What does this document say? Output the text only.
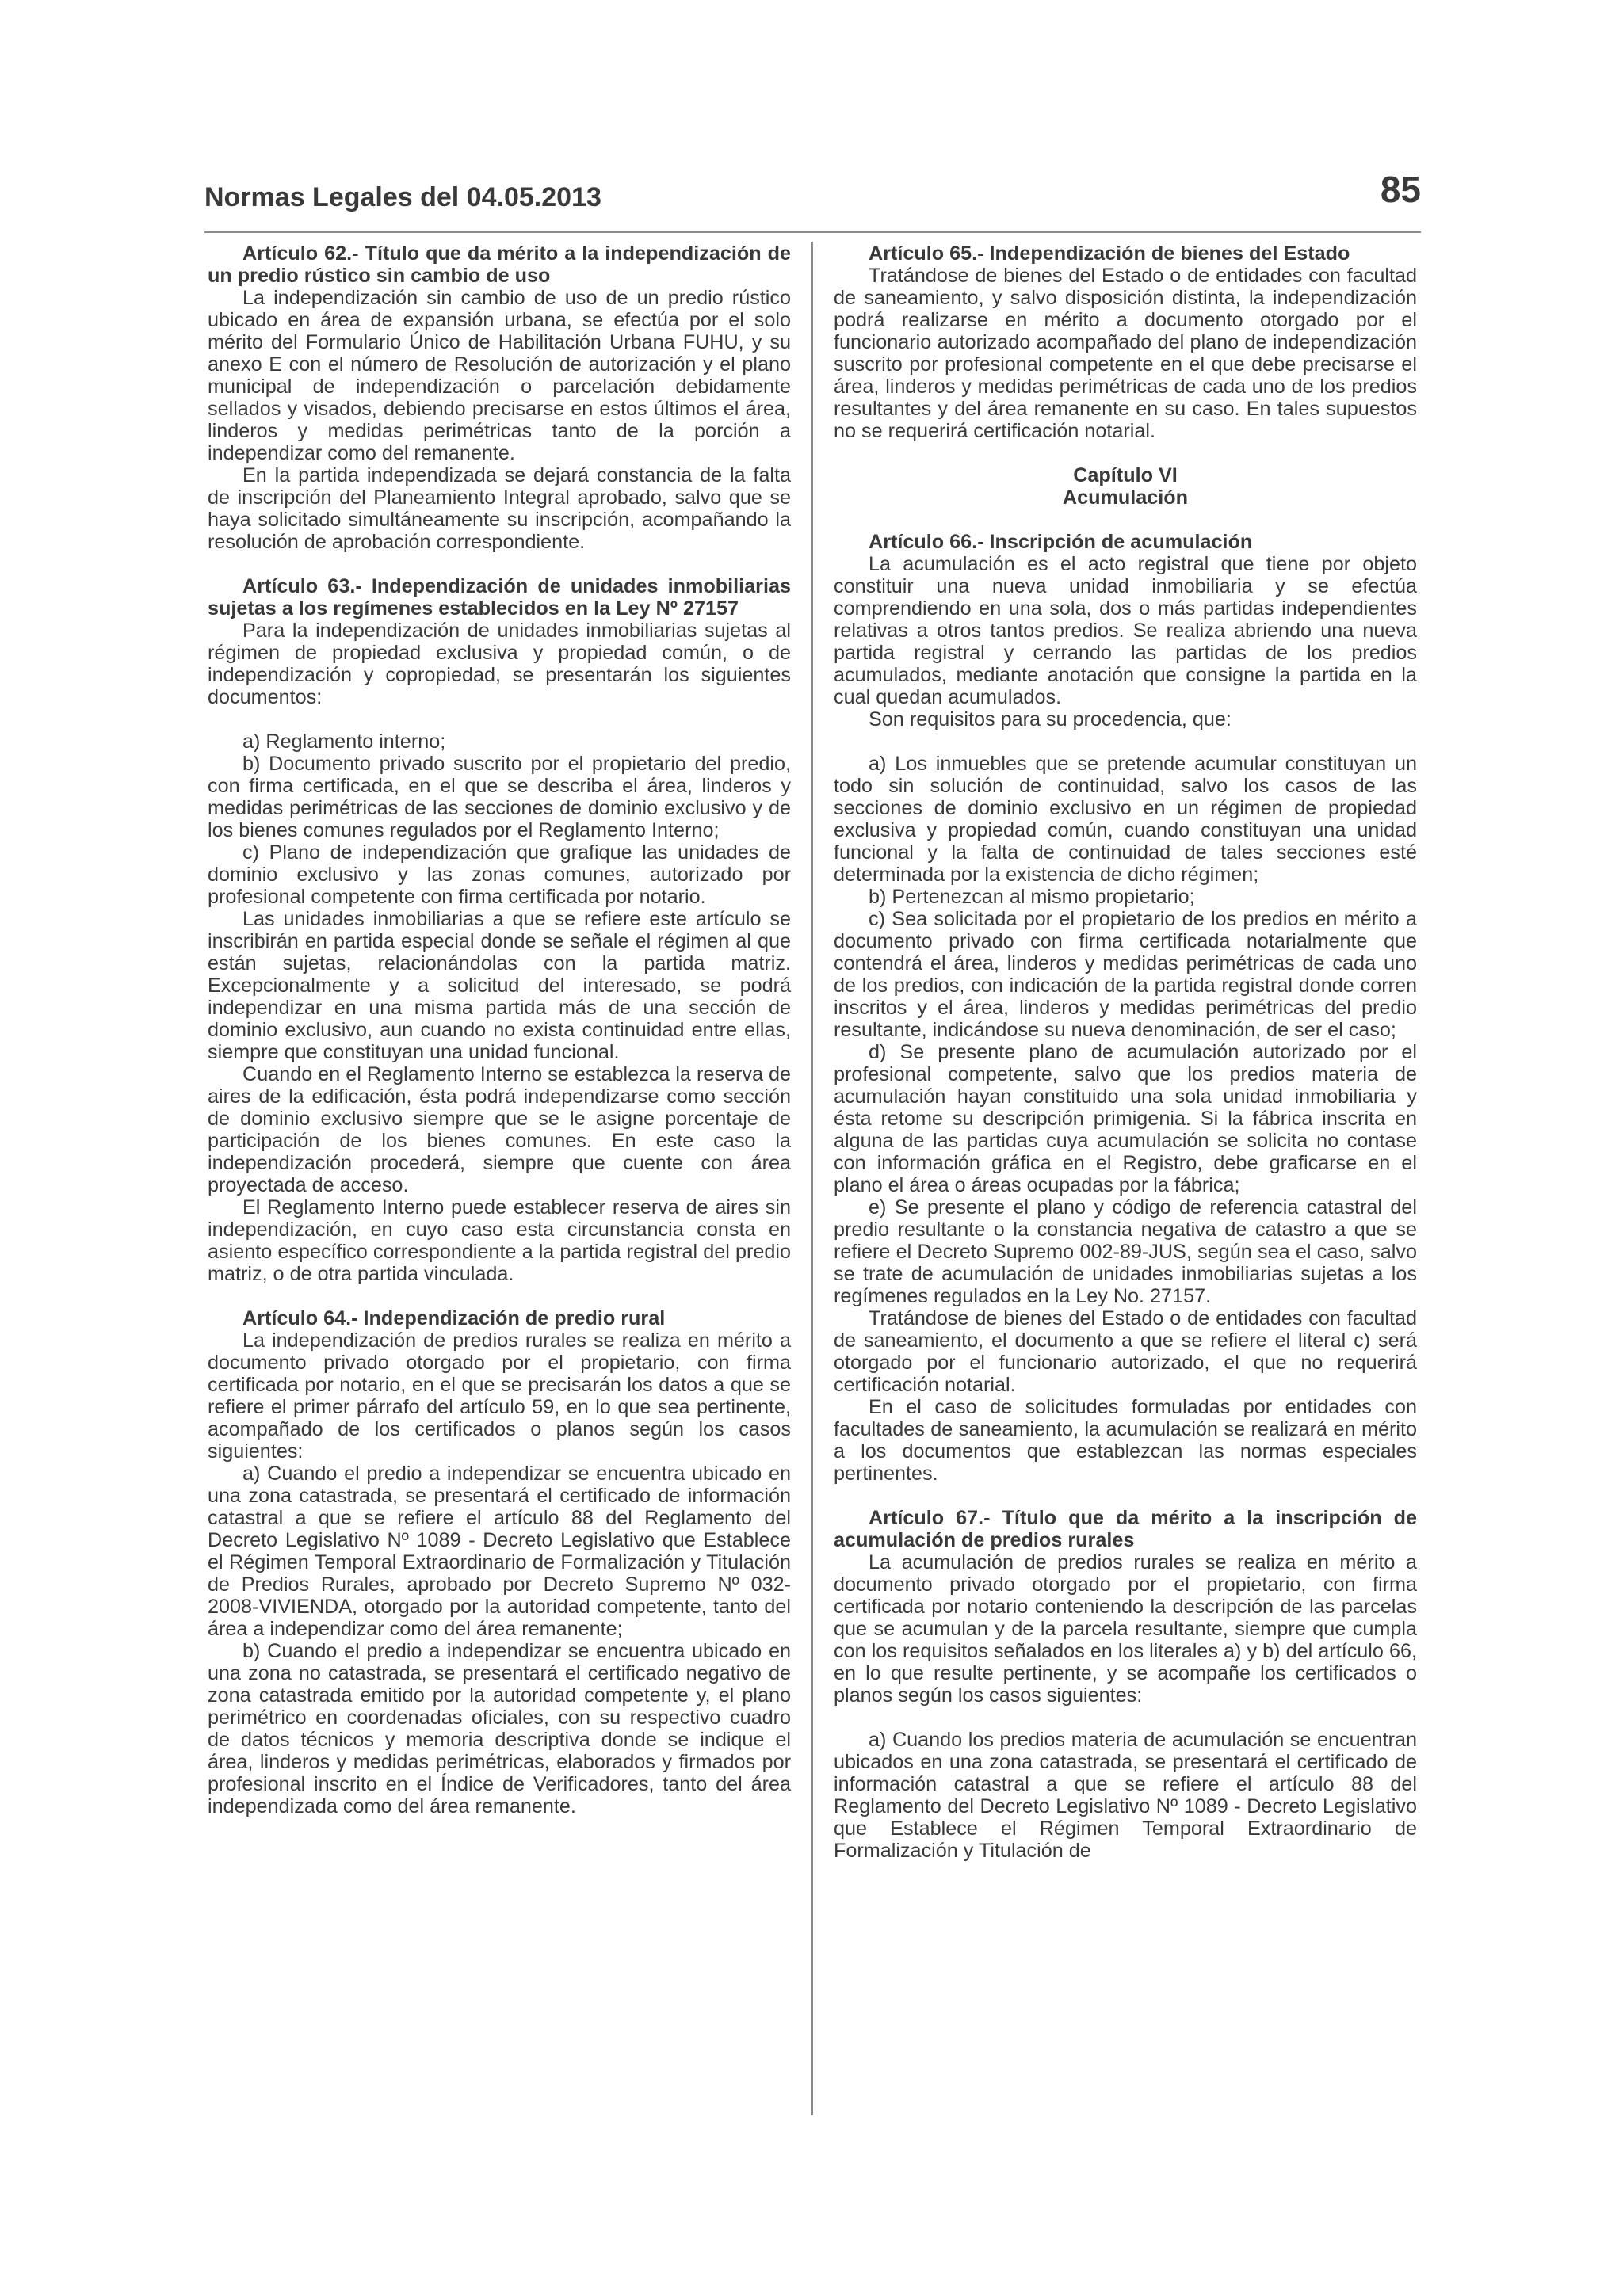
Normas Legales del 04.05.2013	85

Artículo 62.- Título que da mérito a la independización de un predio rústico sin cambio de uso

La independización sin cambio de uso de un predio rústico ubicado en área de expansión urbana, se efectúa por el solo mérito del Formulario Único de Habilitación Urbana FUHU, y su anexo E con el número de Resolución de autorización y el plano municipal de independización o parcelación debidamente sellados y visados, debiendo precisarse en estos últimos el área, linderos y medidas perimétricas tanto de la porción a independizar como del remanente.

En la partida independizada se dejará constancia de la falta de inscripción del Planeamiento Integral aprobado, salvo que se haya solicitado simultáneamente su inscripción, acompañando la resolución de aprobación correspondiente.

Artículo 63.- Independización de unidades inmobiliarias sujetas a los regímenes establecidos en la Ley Nº 27157

Para la independización de unidades inmobiliarias sujetas al régimen de propiedad exclusiva y propiedad común, o de independización y copropiedad, se presentarán los siguientes documentos:

a) Reglamento interno;

b) Documento privado suscrito por el propietario del predio, con firma certificada, en el que se describa el área, linderos y medidas perimétricas de las secciones de dominio exclusivo y de los bienes comunes regulados por el Reglamento Interno;

c) Plano de independización que grafique las unidades de dominio exclusivo y las zonas comunes, autorizado por profesional competente con firma certificada por notario.

Las unidades inmobiliarias a que se refiere este artículo se inscribirán en partida especial donde se señale el régimen al que están sujetas, relacionándolas con la partida matriz. Excepcionalmente y a solicitud del interesado, se podrá independizar en una misma partida más de una sección de dominio exclusivo, aun cuando no exista continuidad entre ellas, siempre que constituyan una unidad funcional.

Cuando en el Reglamento Interno se establezca la reserva de aires de la edificación, ésta podrá independizarse como sección de dominio exclusivo siempre que se le asigne porcentaje de participación de los bienes comunes. En este caso la independización procederá, siempre que cuente con área proyectada de acceso.

El Reglamento Interno puede establecer reserva de aires sin independización, en cuyo caso esta circunstancia consta en asiento específico correspondiente a la partida registral del predio matriz, o de otra partida vinculada.

Artículo 64.- Independización de predio rural

La independización de predios rurales se realiza en mérito a documento privado otorgado por el propietario, con firma certificada por notario, en el que se precisarán los datos a que se refiere el primer párrafo del artículo 59, en lo que sea pertinente, acompañado de los certificados o planos según los casos siguientes:

a) Cuando el predio a independizar se encuentra ubicado en una zona catastrada, se presentará el certificado de información catastral a que se refiere el artículo 88 del Reglamento del Decreto Legislativo Nº 1089 - Decreto Legislativo que Establece el Régimen Temporal Extraordinario de Formalización y Titulación de Predios Rurales, aprobado por Decreto Supremo Nº 032-2008-VIVIENDA, otorgado por la autoridad competente, tanto del área a independizar como del área remanente;

b) Cuando el predio a independizar se encuentra ubicado en una zona no catastrada, se presentará el certificado negativo de zona catastrada emitido por la autoridad competente y, el plano perimétrico en coordenadas oficiales, con su respectivo cuadro de datos técnicos y memoria descriptiva donde se indique el área, linderos y medidas perimétricas, elaborados y firmados por profesional inscrito en el Índice de Verificadores, tanto del área independizada como del área remanente.

Artículo 65.- Independización de bienes del Estado

Tratándose de bienes del Estado o de entidades con facultad de saneamiento, y salvo disposición distinta, la independización podrá realizarse en mérito a documento otorgado por el funcionario autorizado acompañado del plano de independización suscrito por profesional competente en el que debe precisarse el área, linderos y medidas perimétricas de cada uno de los predios resultantes y del área remanente en su caso. En tales supuestos no se requerirá certificación notarial.

Capítulo VI

Acumulación

Artículo 66.- Inscripción de acumulación

La acumulación es el acto registral que tiene por objeto constituir una nueva unidad inmobiliaria y se efectúa comprendiendo en una sola, dos o más partidas independientes relativas a otros tantos predios. Se realiza abriendo una nueva partida registral y cerrando las partidas de los predios acumulados, mediante anotación que consigne la partida en la cual quedan acumulados.

Son requisitos para su procedencia, que:

a) Los inmuebles que se pretende acumular constituyan un todo sin solución de continuidad, salvo los casos de las secciones de dominio exclusivo en un régimen de propiedad exclusiva y propiedad común, cuando constituyan una unidad funcional y la falta de continuidad de tales secciones esté determinada por la existencia de dicho régimen;

b) Pertenezcan al mismo propietario;

c) Sea solicitada por el propietario de los predios en mérito a documento privado con firma certificada notarialmente que contendrá el área, linderos y medidas perimétricas de cada uno de los predios, con indicación de la partida registral donde corren inscritos y el área, linderos y medidas perimétricas del predio resultante, indicándose su nueva denominación, de ser el caso;

d) Se presente plano de acumulación autorizado por el profesional competente, salvo que los predios materia de acumulación hayan constituido una sola unidad inmobiliaria y ésta retome su descripción primigenia. Si la fábrica inscrita en alguna de las partidas cuya acumulación se solicita no contase con información gráfica en el Registro, debe graficarse en el plano el área o áreas ocupadas por la fábrica;

e) Se presente el plano y código de referencia catastral del predio resultante o la constancia negativa de catastro a que se refiere el Decreto Supremo 002-89-JUS, según sea el caso, salvo se trate de acumulación de unidades inmobiliarias sujetas a los regímenes regulados en la Ley No. 27157.

Tratándose de bienes del Estado o de entidades con facultad de saneamiento, el documento a que se refiere el literal c) será otorgado por el funcionario autorizado, el que no requerirá certificación notarial.

En el caso de solicitudes formuladas por entidades con facultades de saneamiento, la acumulación se realizará en mérito a los documentos que establezcan las normas especiales pertinentes.

Artículo 67.- Título que da mérito a la inscripción de acumulación de predios rurales

La acumulación de predios rurales se realiza en mérito a documento privado otorgado por el propietario, con firma certificada por notario conteniendo la descripción de las parcelas que se acumulan y de la parcela resultante, siempre que cumpla con los requisitos señalados en los literales a) y b) del artículo 66, en lo que resulte pertinente, y se acompañe los certificados o planos según los casos siguientes:

a) Cuando los predios materia de acumulación se encuentran ubicados en una zona catastrada, se presentará el certificado de información catastral a que se refiere el artículo 88 del Reglamento del Decreto Legislativo Nº 1089 - Decreto Legislativo que Establece el Régimen Temporal Extraordinario de Formalización y Titulación de
